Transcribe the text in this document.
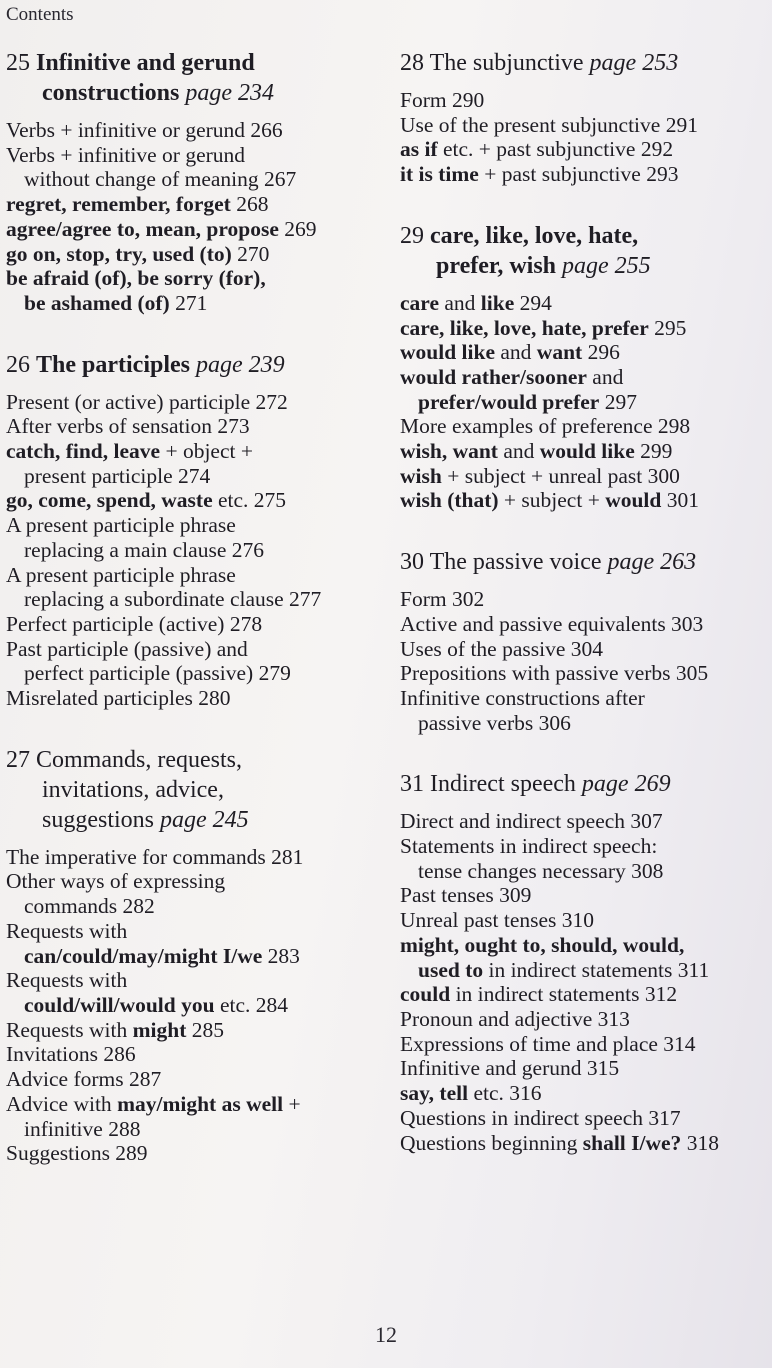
Contents
25 Infinitive and gerund
constructions page 234
Verbs + infinitive or gerund 266
Verbs + infinitive or gerund
without change of meaning 267
regret, remember, forget 268
agree/agree to, mean, propose 269
go on, stop, try, used (to) 270
be afraid (of), be sorry (for),
be ashamed (of) 271
26 The participles page 239
Present (or active) participle 272
After verbs of sensation 273
catch, find, leave + object +
present participle 274
go, come, spend, waste etc. 275
A present participle phrase
replacing a main clause 276
A present participle phrase
replacing a subordinate clause 277
Perfect participle (active) 278
Past participle (passive) and
perfect participle (passive) 279
Misrelated participles 280
27 Commands, requests,
invitations, advice,
suggestions page 245
The imperative for commands 281
Other ways of expressing
commands 282
Requests with
can/could/may/might I/we 283
Requests with
could/will/would you etc. 284
Requests with might 285
Invitations 286
Advice forms 287
Advice with may/might as well +
infinitive 288
Suggestions 289
28 The subjunctive page 253
Form 290
Use of the present subjunctive 291
as if etc. + past subjunctive 292
it is time + past subjunctive 293
29 care, like, love, hate,
prefer, wish page 255
care and like 294
care, like, love, hate, prefer 295
would like and want 296
would rather/sooner and
prefer/would prefer 297
More examples of preference 298
wish, want and would like 299
wish + subject + unreal past 300
wish (that) + subject + would 301
30 The passive voice page 263
Form 302
Active and passive equivalents 303
Uses of the passive 304
Prepositions with passive verbs 305
Infinitive constructions after
passive verbs 306
31 Indirect speech page 269
Direct and indirect speech 307
Statements in indirect speech:
tense changes necessary 308
Past tenses 309
Unreal past tenses 310
might, ought to, should, would,
used to in indirect statements 311
could in indirect statements 312
Pronoun and adjective 313
Expressions of time and place 314
Infinitive and gerund 315
say, tell etc. 316
Questions in indirect speech 317
Questions beginning shall I/we? 318
12
